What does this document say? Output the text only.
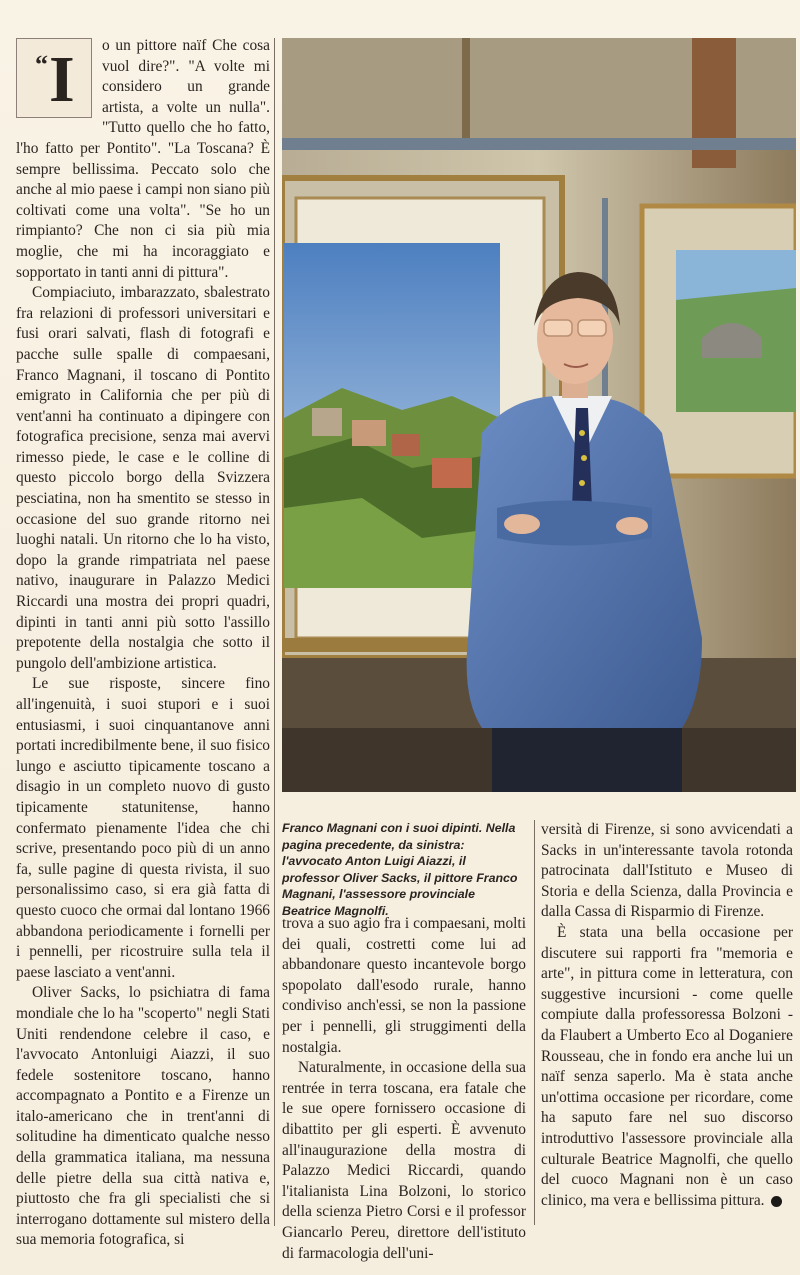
“ I	o un pittore naïf Che cosa vuol dire?". "A volte mi considero un grande artista, a volte un nulla". "Tutto quello che ho fatto, l'ho fatto per Pontito". "La Toscana? È sempre bellissima. Peccato solo che anche al mio paese i campi non siano più coltivati come una volta". "Se ho un rimpianto? Che non ci sia più mia moglie, che mi ha incoraggiato e sopportato in tanti anni di pittura".

Compiaciuto, imbarazzato, sbalestrato fra relazioni di professori universitari e fusi orari salvati, flash di fotografi e pacche sulle spalle di compaesani, Franco Magnani, il toscano di Pontito emigrato in California che per più di vent'anni ha continuato a dipingere con fotografica precisione, senza mai avervi rimesso piede, le case e le colline di questo piccolo borgo della Svizzera pesciatina, non ha smentito se stesso in occasione del suo grande ritorno nei luoghi natali. Un ritorno che lo ha visto, dopo la grande rimpatriata nel paese nativo, inaugurare in Palazzo Medici Riccardi una mostra dei propri quadri, dipinti in tanti anni più sotto l'assillo prepotente della nostalgia che sotto il pungolo dell'ambizione artistica.

Le sue risposte, sincere fino all'ingenuità, i suoi stupori e i suoi entusiasmi, i suoi cinquantanove anni portati incredibilmente bene, il suo fisico lungo e asciutto tipicamente toscano a disagio in un completo nuovo di gusto tipicamente statunitense, hanno confermato pienamente l'idea che chi scrive, presentando poco più di un anno fa, sulle pagine di questa rivista, il suo personalissimo caso, si era già fatta di questo cuoco che ormai dal lontano 1966 abbandona periodicamente i fornelli per i pennelli, per ricostruire sulla tela il paese lasciato a vent'anni.

Oliver Sacks, lo psichiatra di fama mondiale che lo ha "scoperto" negli Stati Uniti rendendone celebre il caso, e l'avvocato Antonluigi Aiazzi, il suo fedele sostenitore toscano, hanno accompagnato a Pontito e a Firenze un italo-americano che in trent'anni di solitudine ha dimenticato qualche nesso della grammatica italiana, ma nessuna delle pietre della sua città nativa e, piuttosto che fra gli specialisti che si interrogano dottamente sul mistero della sua memoria fotografica, si

Franco Magnani con i suoi dipinti. Nella pagina precedente, da sinistra: l'avvocato Anton Luigi Aiazzi, il professor Oliver Sacks, il pittore Franco Magnani, l'assessore provinciale Beatrice Magnolfi.

trova a suo agio fra i compaesani, molti dei quali, costretti come lui ad abbandonare questo incantevole borgo spopolato dall'esodo rurale, hanno condiviso anch'essi, se non la passione per i pennelli, gli struggimenti della nostalgia.

Naturalmente, in occasione della sua rentrée in terra toscana, era fatale che le sue opere fornissero occasione di dibattito per gli esperti. È avvenuto all'inaugurazione della mostra di Palazzo Medici Riccardi, quando l'italianista Lina Bolzoni, lo storico della scienza Pietro Corsi e il professor Giancarlo Pereu, direttore dell'istituto di farmacologia dell'uni-

versità di Firenze, si sono avvicendati a Sacks in un'interessante tavola rotonda patrocinata dall'Istituto e Museo di Storia e della Scienza, dalla Provincia e dalla Cassa di Risparmio di Firenze.

È stata una bella occasione per discutere sui rapporti fra "memoria e arte", in pittura come in letteratura, con suggestive incursioni - come quelle compiute dalla professoressa Bolzoni - da Flaubert a Umberto Eco al Doganiere Rousseau, che in fondo era anche lui un naïf senza saperlo. Ma è stata anche un'ottima occasione per ricordare, come ha saputo fare nel suo discorso introduttivo l'assessore provinciale alla culturale Beatrice Magnolfi, che quello del cuoco Magnani non è un caso clinico, ma vera e bellissima pittura.
